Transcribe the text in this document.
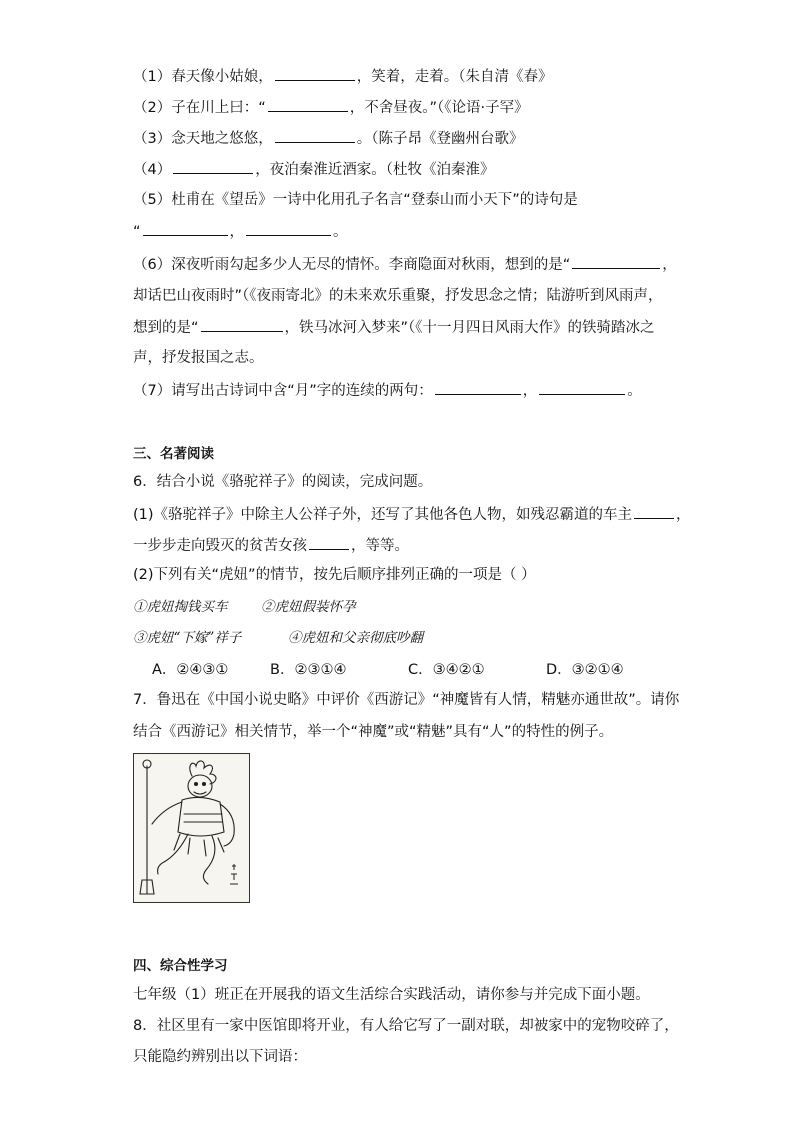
（1）春天像小姑娘，	，笑着，走着。（朱自清《春》
（2）子在川上曰：“	，不舍昼夜。”（《论语·子罕》
（3）念天地之悠悠，	。（陈子昂《登幽州台歌》
（4）	，夜泊秦淮近酒家。（杜牧《泊秦淮》
（5）杜甫在《望岳》一诗中化用孔子名言“登泰山而小天下”的诗句是
“	，	。
（6）深夜听雨勾起多少人无尽的情怀。李商隐面对秋雨，想到的是“	，
却话巴山夜雨时”（《夜雨寄北》的未来欢乐重聚，抒发思念之情；陆游听到风雨声，
想到的是“	，铁马冰河入梦来”（《十一月四日风雨大作》的铁骑踏冰之
声，抒发报国之志。
（7）请写出古诗词中含“月”字的连续的两句：	，	。
三、名著阅读
6．结合小说《骆驼祥子》的阅读，完成问题。
(1)《骆驼祥子》中除主人公祥子外，还写了其他各色人物，如残忍霸道的车主	，
一步步走向毁灭的贫苦女孩	，等等。
(2)下列有关“虎妞”的情节，按先后顺序排列正确的一项是（ ）
①虎妞掏钱买车 ②虎妞假装怀孕
③虎妞“下嫁”祥子	④虎妞和父亲彻底吵翻
A．②④③①	B．②③①④	C．③④②①	D．③②①④
7．鲁迅在《中国小说史略》中评价《西游记》“神魔皆有人情，精魅亦通世故”。请你
结合《西游记》相关情节，举一个“神魔”或“精魅”具有“人”的特性的例子。
四、综合性学习
七年级（1）班正在开展我的语文生活综合实践活动，请你参与并完成下面小题。
8．社区里有一家中医馆即将开业，有人给它写了一副对联，却被家中的宠物咬碎了，
只能隐约辨别出以下词语：
